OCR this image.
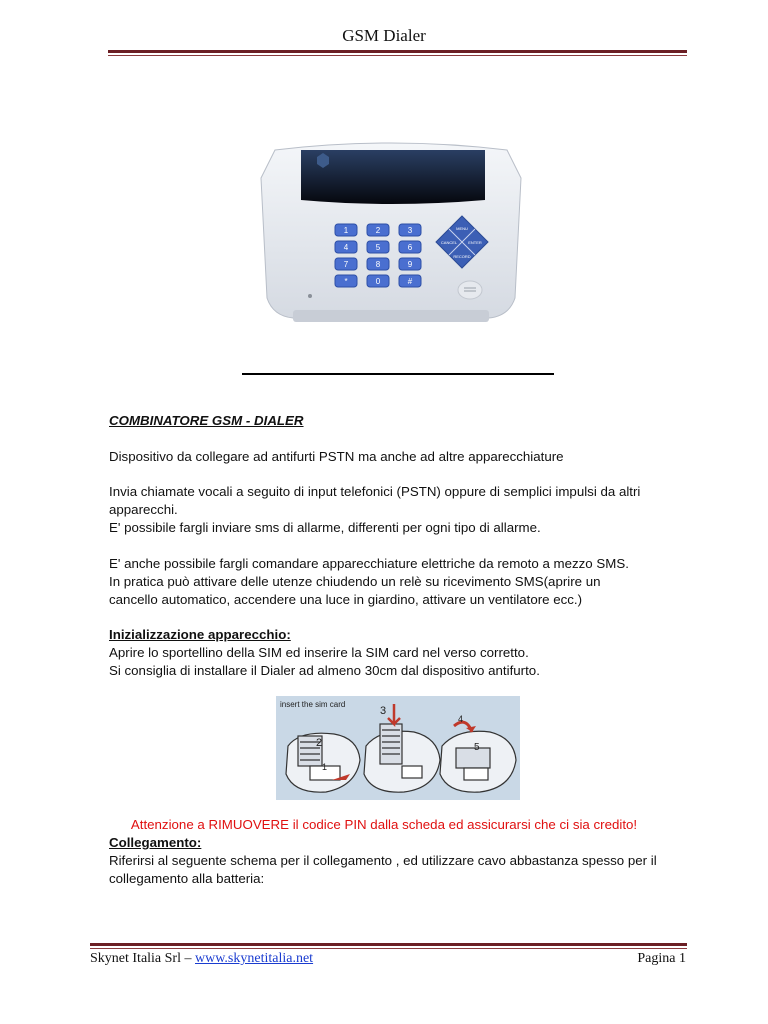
GSM Dialer
1	2	3
4	5	6
7	8	9
*	0	#
MENU
CANCEL	ENTER
RECORD
COMBINATORE GSM - DIALER
Dispositivo da collegare ad antifurti PSTN ma anche ad altre apparecchiature
Invia chiamate vocali a seguito di input telefonici (PSTN) oppure di semplici impulsi da altri
apparecchi.
E' possibile fargli inviare sms di allarme, differenti per ogni tipo di allarme.
E' anche possibile fargli comandare apparecchiature elettriche da remoto a mezzo SMS.
In pratica può attivare delle utenze chiudendo un relè su ricevimento SMS(aprire un
cancello automatico, accendere una luce in giardino, attivare un ventilatore ecc.)
Inizializzazione apparecchio:
Aprire lo sportellino della SIM ed inserire la SIM card nel verso corretto.
Si consiglia di installare il Dialer ad almeno 30cm dal dispositivo antifurto.
insert the sim card
2
1
3
4
5
Attenzione a RIMUOVERE il codice PIN dalla scheda ed assicurarsi che ci sia credito!
Collegamento:
Riferirsi al seguente schema per il collegamento , ed utilizzare cavo abbastanza spesso per il
collegamento alla batteria:
Skynet Italia Srl – www.skynetitalia.net	Pagina 1
